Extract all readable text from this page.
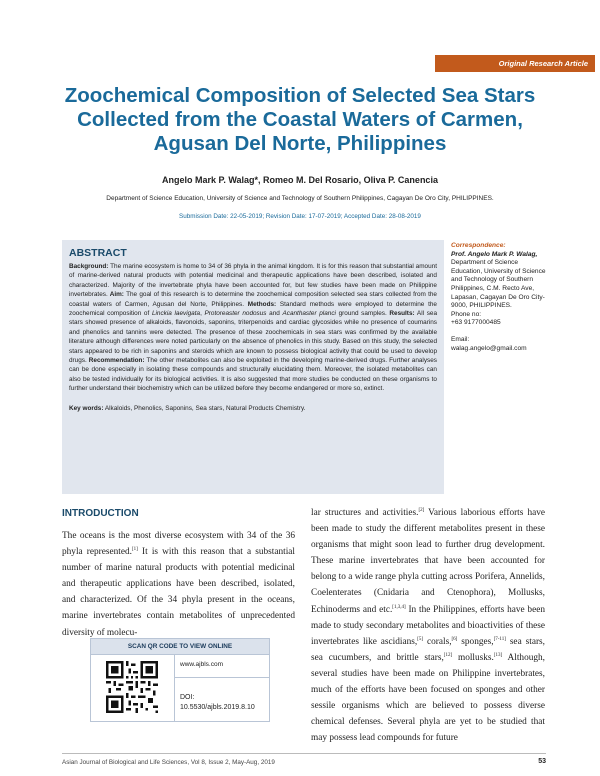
Original Research Article
Zoochemical Composition of Selected Sea Stars
Collected from the Coastal Waters of Carmen,
Agusan Del Norte, Philippines
Angelo Mark P. Walag*, Romeo M. Del Rosario, Oliva P. Canencia
Department of Science Education, University of Science and Technology of Southern Philippines, Cagayan De Oro City, PHILIPPINES.
Submission Date: 22-05-2019; Revision Date: 17-07-2019; Accepted Date: 28-08-2019
ABSTRACT
Background: The marine ecosystem is home to 34 of 36 phyla in the animal kingdom. It is for this reason that substantial amount of marine-derived natural products with potential medicinal and therapeutic applications have been described, isolated and characterized. Majority of the invertebrate phyla have been accounted for, but few studies have been made on Philippine invertebrates. Aim: The goal of this research is to determine the zoochemical composition selected sea stars collected from the coastal waters of Carmen, Agusan del Norte, Philippines. Methods: Standard methods were employed to determine the zoochemical composition of Linckia laevigata, Protoreaster nodosus and Acanthaster planci ground samples. Results: All sea stars showed presence of alkaloids, flavonoids, saponins, triterpenoids and cardiac glycosides while no presence of coumarins and phenolics and tannins were detected. The presence of these zoochemicals in sea stars was confirmed by the available literature although differences were noted particularly on the absence of phenolics in this study. Based on this study, the selected stars appeared to be rich in saponins and steroids which are known to possess biological activity that could be used to develop drugs. Recommendation: The other metabolites can also be exploited in the developing marine-derived drugs. Further analyses can be done especially in isolating these compounds and structurally elucidating them. Moreover, the isolated metabolites can also be tested individually for its biological activities. It is also suggested that more studies be conducted on these organisms to further understand their biochemistry which can be utilized before they become endangered or more so, extinct.
Key words: Alkaloids, Phenolics, Saponins, Sea stars, Natural Products Chemistry.
Correspondence:
Prof. Angelo Mark P. Walag,
Department of Science Education, University of Science and Technology of Southern Philippines, C.M. Recto Ave, Lapasan, Cagayan De Oro City-9000, PHILIPPINES.
Phone no:
+63 9177000485
Email: walag.angelo@gmail.com
INTRODUCTION
The oceans is the most diverse ecosystem with 34 of the 36 phyla represented.[1] It is with this reason that a substantial number of marine natural products with potential medicinal and therapeutic applications have been described, isolated, and characterized. Of the 34 phyla present in the oceans, marine invertebrates contain metabolites of unprecedented diversity of molecu-
lar structures and activities.[2] Various laborious efforts have been made to study the different metabolites present in these organisms that might soon lead to further drug development. These marine invertebrates that have been accounted for belong to a wide range phyla cutting across Porifera, Annelids, Coelenterates (Cnidaria and Ctenophora), Mollusks, Echinoderms and etc.[1,3,4] In the Philippines, efforts have been made to study secondary metabolites and bioactivities of these invertebrates like ascidians,[5] corals,[6] sponges,[7-11] sea stars, sea cucumbers, and brittle stars,[12] mollusks.[13] Although, several studies have been made on Philippine invertebrates, much of the efforts have been focused on sponges and other sessile organisms which are believed to possess diverse chemical defenses. Several phyla are yet to be studied that may possess lead compounds for future
SCAN QR CODE TO VIEW ONLINE
www.ajbls.com
DOI:
10.5530/ajbls.2019.8.10
Asian Journal of Biological and Life Sciences, Vol 8, Issue 2, May-Aug, 2019	53
